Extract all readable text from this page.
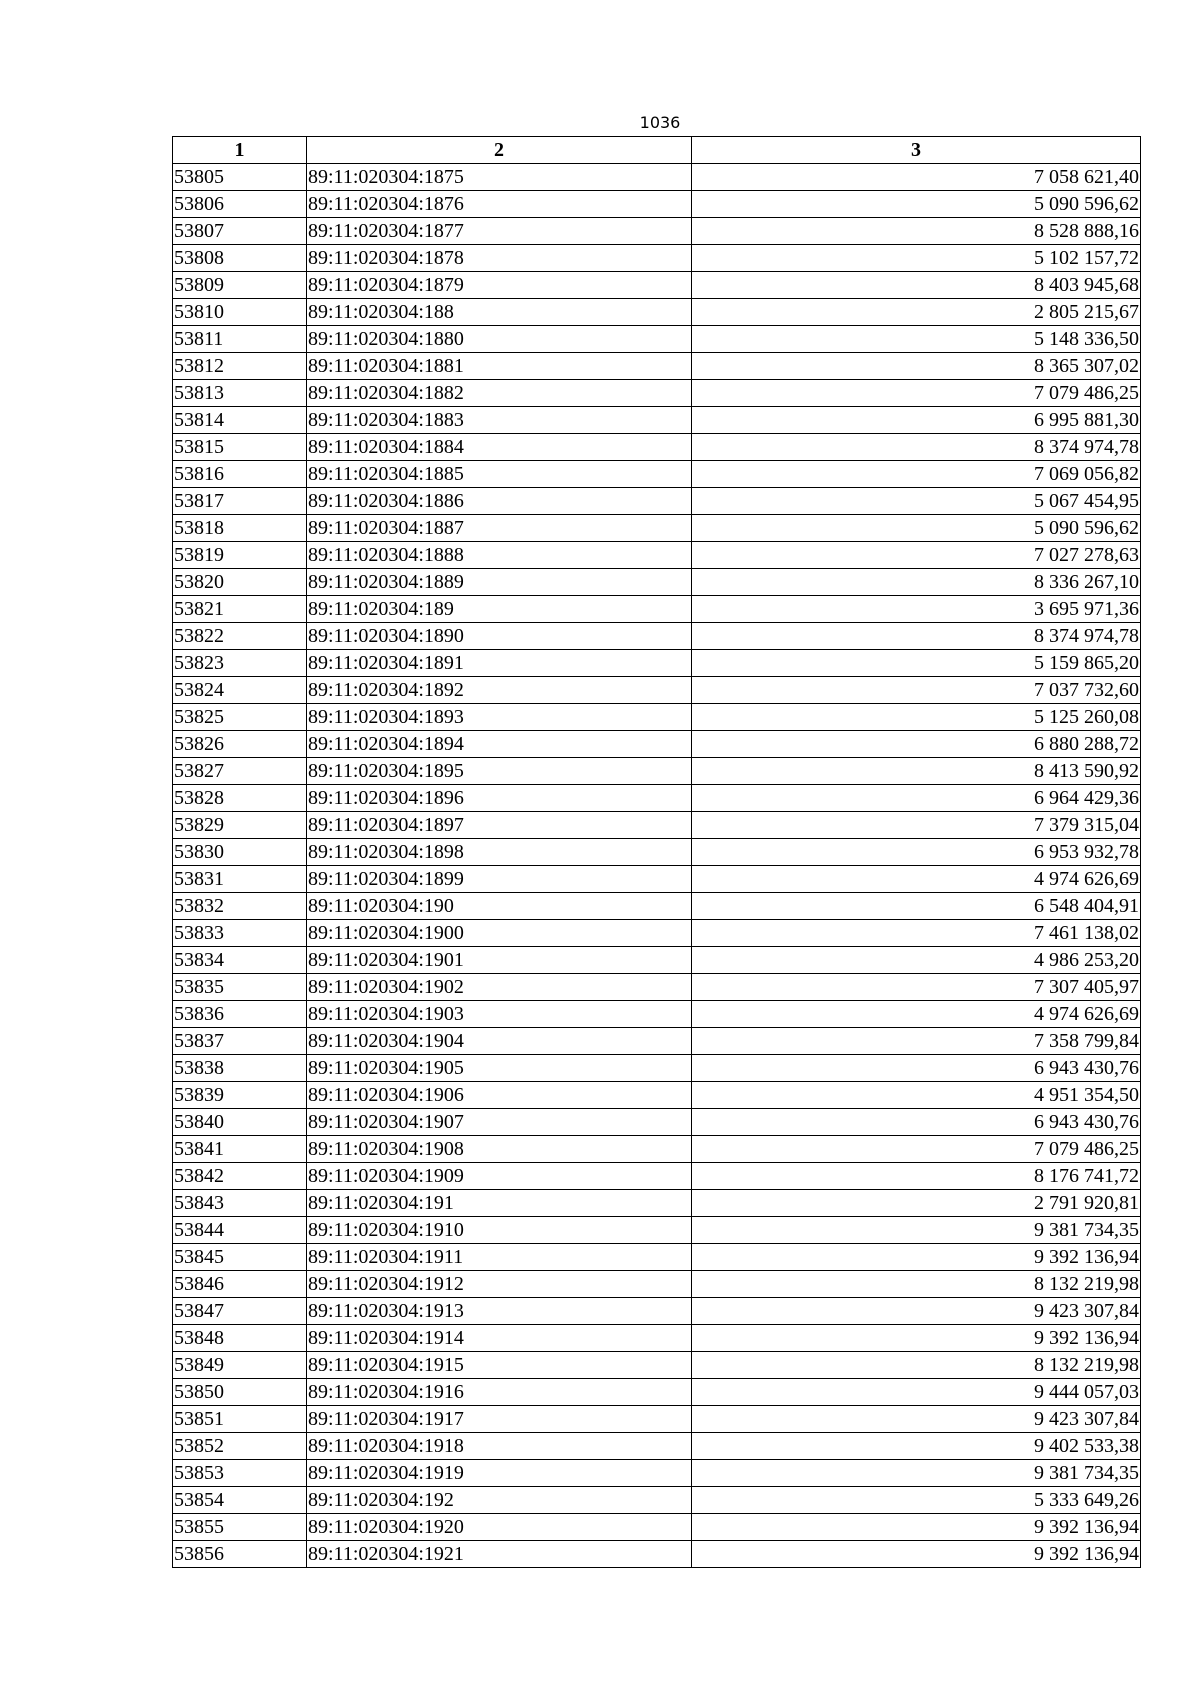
1036
1	2	3
53805	89:11:020304:1875	7 058 621,40
53806	89:11:020304:1876	5 090 596,62
53807	89:11:020304:1877	8 528 888,16
53808	89:11:020304:1878	5 102 157,72
53809	89:11:020304:1879	8 403 945,68
53810	89:11:020304:188	2 805 215,67
53811	89:11:020304:1880	5 148 336,50
53812	89:11:020304:1881	8 365 307,02
53813	89:11:020304:1882	7 079 486,25
53814	89:11:020304:1883	6 995 881,30
53815	89:11:020304:1884	8 374 974,78
53816	89:11:020304:1885	7 069 056,82
53817	89:11:020304:1886	5 067 454,95
53818	89:11:020304:1887	5 090 596,62
53819	89:11:020304:1888	7 027 278,63
53820	89:11:020304:1889	8 336 267,10
53821	89:11:020304:189	3 695 971,36
53822	89:11:020304:1890	8 374 974,78
53823	89:11:020304:1891	5 159 865,20
53824	89:11:020304:1892	7 037 732,60
53825	89:11:020304:1893	5 125 260,08
53826	89:11:020304:1894	6 880 288,72
53827	89:11:020304:1895	8 413 590,92
53828	89:11:020304:1896	6 964 429,36
53829	89:11:020304:1897	7 379 315,04
53830	89:11:020304:1898	6 953 932,78
53831	89:11:020304:1899	4 974 626,69
53832	89:11:020304:190	6 548 404,91
53833	89:11:020304:1900	7 461 138,02
53834	89:11:020304:1901	4 986 253,20
53835	89:11:020304:1902	7 307 405,97
53836	89:11:020304:1903	4 974 626,69
53837	89:11:020304:1904	7 358 799,84
53838	89:11:020304:1905	6 943 430,76
53839	89:11:020304:1906	4 951 354,50
53840	89:11:020304:1907	6 943 430,76
53841	89:11:020304:1908	7 079 486,25
53842	89:11:020304:1909	8 176 741,72
53843	89:11:020304:191	2 791 920,81
53844	89:11:020304:1910	9 381 734,35
53845	89:11:020304:1911	9 392 136,94
53846	89:11:020304:1912	8 132 219,98
53847	89:11:020304:1913	9 423 307,84
53848	89:11:020304:1914	9 392 136,94
53849	89:11:020304:1915	8 132 219,98
53850	89:11:020304:1916	9 444 057,03
53851	89:11:020304:1917	9 423 307,84
53852	89:11:020304:1918	9 402 533,38
53853	89:11:020304:1919	9 381 734,35
53854	89:11:020304:192	5 333 649,26
53855	89:11:020304:1920	9 392 136,94
53856	89:11:020304:1921	9 392 136,94
